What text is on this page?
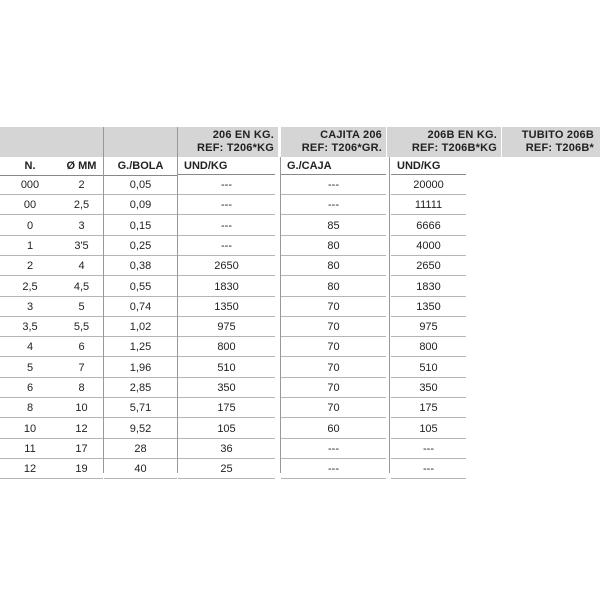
206 EN KG.
REF: T206*KG
CAJITA 206
REF: T206*GR.
206B EN KG.
REF: T206B*KG
TUBITO 206B
REF: T206B*
N.	Ø MM	G./BOLA	UND/KG	G./CAJA	UND/KG
000	2	0,05	---	---	20000
00	2,5	0,09	---	---	11111
0	3	0,15	---	85	6666
1	3'5	0,25	---	80	4000
2	4	0,38	2650	80	2650
2,5	4,5	0,55	1830	80	1830
3	5	0,74	1350	70	1350
3,5	5,5	1,02	975	70	975
4	6	1,25	800	70	800
5	7	1,96	510	70	510
6	8	2,85	350	70	350
8	10	5,71	175	70	175
10	12	9,52	105	60	105
11	17	28	36	---	---
12	19	40	25	---	---
